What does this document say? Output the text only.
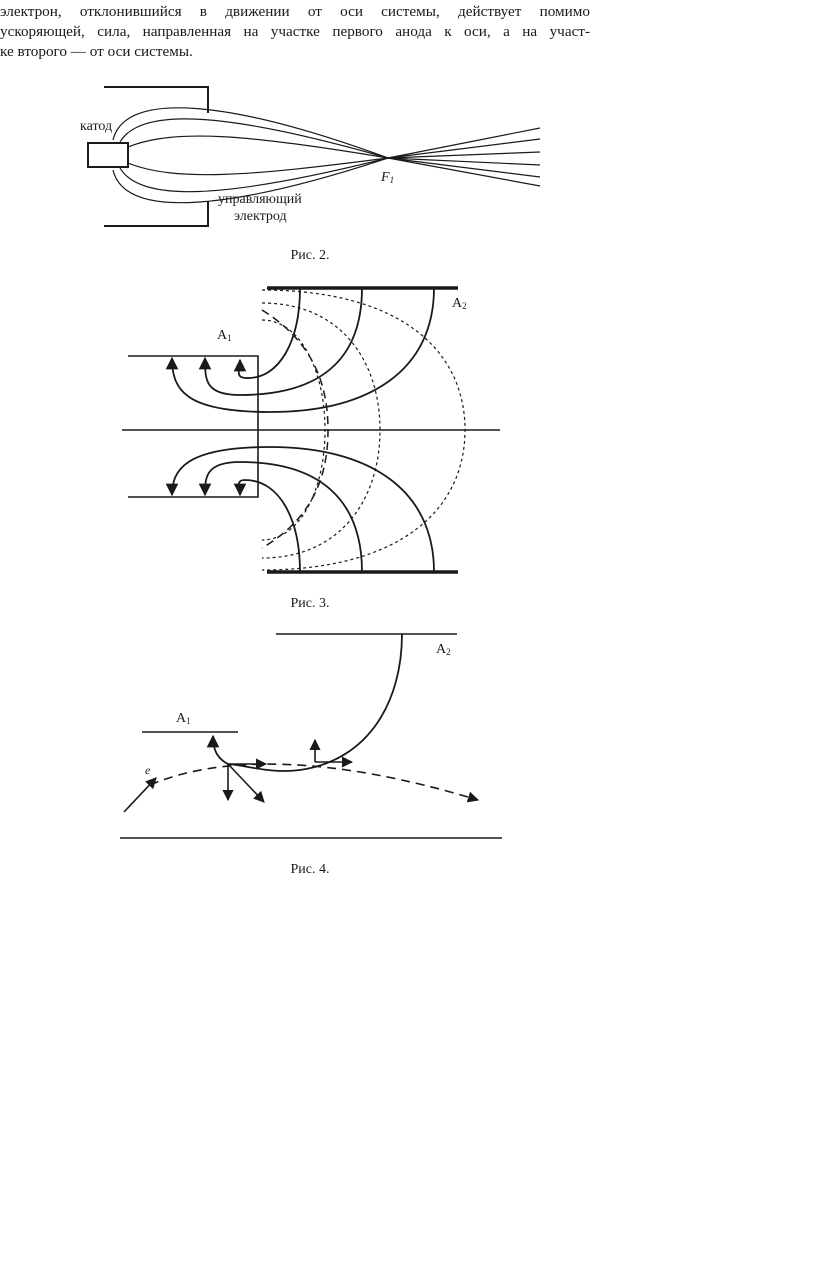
электрон, отклонившийся в движении от оси системы, действует помимо
ускоряющей, сила, направленная на участке первого анода к оси, а на участ-
ке второго — от оси системы.

катод
управляющий
электрод
$F_1$
Рис. 2.
$A_1$
$A_2$
Рис. 3.
$A_1$
$A_2$
e
Рис. 4.
